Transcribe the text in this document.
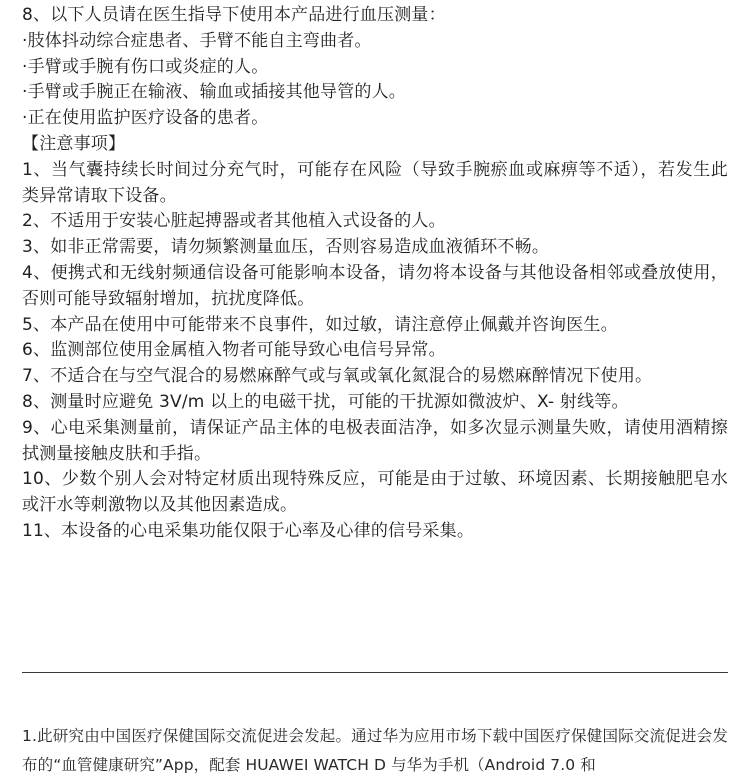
8、以下人员请在医生指导下使用本产品进行血压测量：
·肢体抖动综合症患者、手臂不能自主弯曲者。
·手臂或手腕有伤口或炎症的人。
·手臂或手腕正在输液、输血或插接其他导管的人。
·正在使用监护医疗设备的患者。
【注意事项】
1、当气囊持续长时间过分充气时，可能存在风险（导致手腕瘀血或麻痹等不适），若发生此类异常请取下设备。
2、不适用于安装心脏起搏器或者其他植入式设备的人。
3、如非正常需要，请勿频繁测量血压，否则容易造成血液循环不畅。
4、便携式和无线射频通信设备可能影响本设备，请勿将本设备与其他设备相邻或叠放使用，否则可能导致辐射增加，抗扰度降低。
5、本产品在使用中可能带来不良事件，如过敏，请注意停止佩戴并咨询医生。
6、监测部位使用金属植入物者可能导致心电信号异常。
7、不适合在与空气混合的易燃麻醉气或与氧或氧化氮混合的易燃麻醉情况下使用。
8、测量时应避免 3V/m 以上的电磁干扰，可能的干扰源如微波炉、X- 射线等。
9、心电采集测量前，请保证产品主体的电极表面洁净，如多次显示测量失败，请使用酒精擦拭测量接触皮肤和手指。
10、少数个别人会对特定材质出现特殊反应，可能是由于过敏、环境因素、长期接触肥皂水或汗水等刺激物以及其他因素造成。
11、本设备的心电采集功能仅限于心率及心律的信号采集。
1.此研究由中国医疗保健国际交流促进会发起。通过华为应用市场下载中国医疗保健国际交流促进会发布的“血管健康研究”App，配套 HUAWEI WATCH D 与华为手机（Android 7.0 和
